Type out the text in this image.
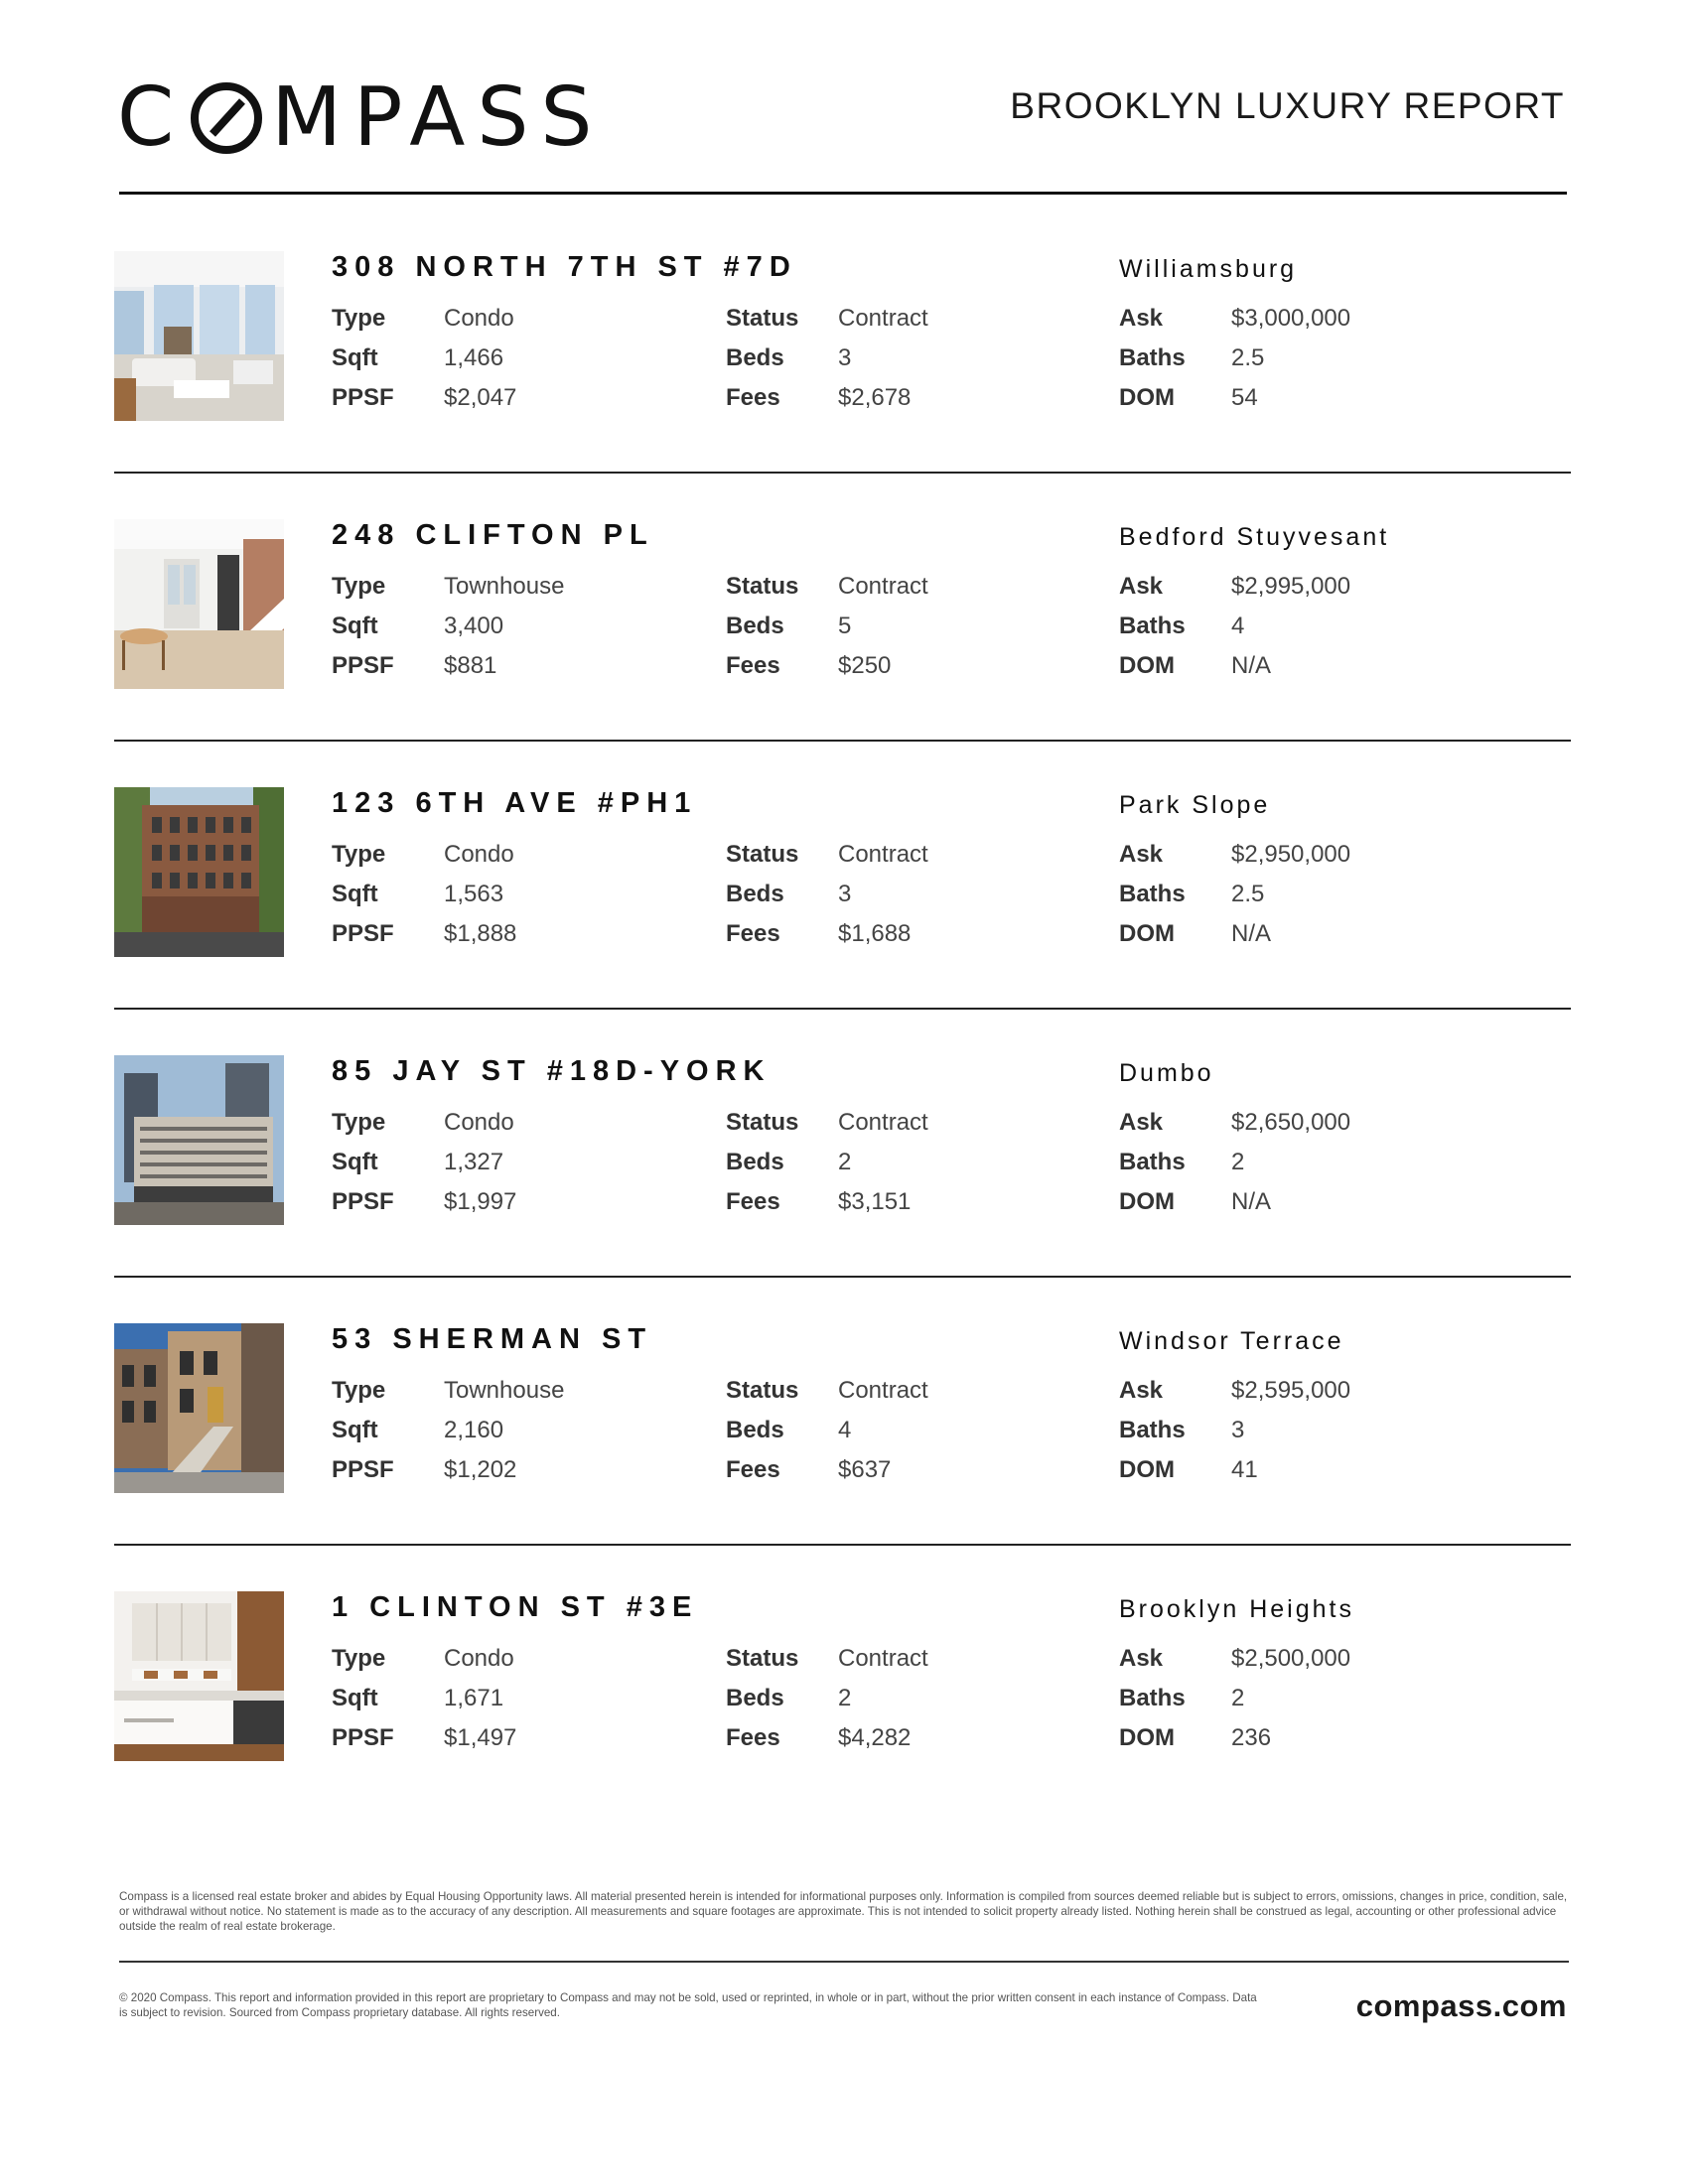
C MPASS	BROOKLYN LUXURY REPORT
308 NORTH 7TH ST #7D	Williamsburg
Type Condo
Sqft	1,466
PPSF $2,047
Status Contract
Beds 3
Fees $2,678
Ask	$3,000,000
Baths 2.5
DOM 54
248 CLIFTON PL	Bedford Stuyvesant
Type Townhouse
Sqft	3,400
PPSF $881
Status Contract
Beds 5
Fees $250
Ask	$2,995,000
Baths 4
DOM N/A
123 6TH AVE #PH1	Park Slope
Type Condo
Sqft	1,563
PPSF $1,888
Status Contract
Beds 3
Fees $1,688
Ask	$2,950,000
Baths 2.5
DOM N/A
85 JAY ST #18D-YORK	Dumbo
Type Condo
Sqft	1,327
PPSF $1,997
Status Contract
Beds 2
Fees $3,151
Ask	$2,650,000
Baths 2
DOM N/A
53 SHERMAN ST	Windsor Terrace
Type Townhouse
Sqft	2,160
PPSF $1,202
Status Contract
Beds 4
Fees $637
Ask	$2,595,000
Baths 3
DOM 41
1 CLINTON ST #3E	Brooklyn Heights
Type Condo
Sqft	1,671
PPSF $1,497
Status Contract
Beds 2
Fees $4,282
Ask	$2,500,000
Baths 2
DOM 236
Compass is a licensed real estate broker and abides by Equal Housing Opportunity laws. All material presented herein is intended for informational purposes only. Information is compiled from sources deemed reliable but is subject to errors, omissions, changes in price, condition, sale, or withdrawal without notice. No statement is made as to the accuracy of any description. All measurements and square footages are approximate. This is not intended to solicit property already listed. Nothing herein shall be construed as legal, accounting or other professional advice outside the realm of real estate brokerage.
© 2020 Compass. This report and information provided in this report are proprietary to Compass and may not be sold, used or reprinted, in whole or in part, without the prior written consent in each instance of Compass. Data is subject to revision. Sourced from Compass proprietary database. All rights reserved.	compass.com
